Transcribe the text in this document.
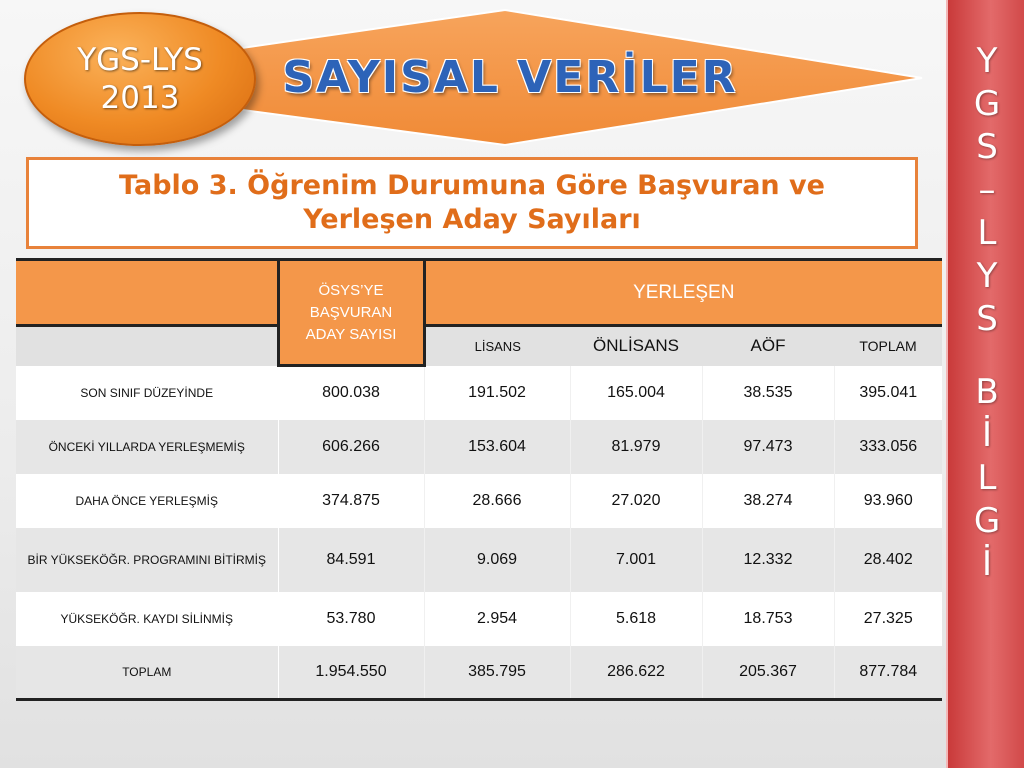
Y
G
S
–
L
Y
S
B
İ
L
G
İ
SAYISAL VERİLER
YGS-LYS
2013
Tablo 3. Öğrenim Durumuna Göre Başvuran ve
Yerleşen Aday Sayıları

	ÖSYS’YE
BAŞVURAN
ADAY SAYISI	YERLEŞEN			
		LİSANS	ÖNLİSANS	AÖF	TOPLAM
SON SINIF DÜZEYİNDE	800.038	191.502	165.004	38.535	395.041
ÖNCEKİ YILLARDA YERLEŞMEMİŞ	606.266	153.604	81.979	97.473	333.056
DAHA ÖNCE YERLEŞMİŞ	374.875	28.666	27.020	38.274	93.960
BİR YÜKSEKÖĞR. PROGRAMINI BİTİRMİŞ	84.591	9.069	7.001	12.332	28.402
YÜKSEKÖĞR. KAYDI SİLİNMİŞ	53.780	2.954	5.618	18.753	27.325
TOPLAM	1.954.550	385.795	286.622	205.367	877.784
